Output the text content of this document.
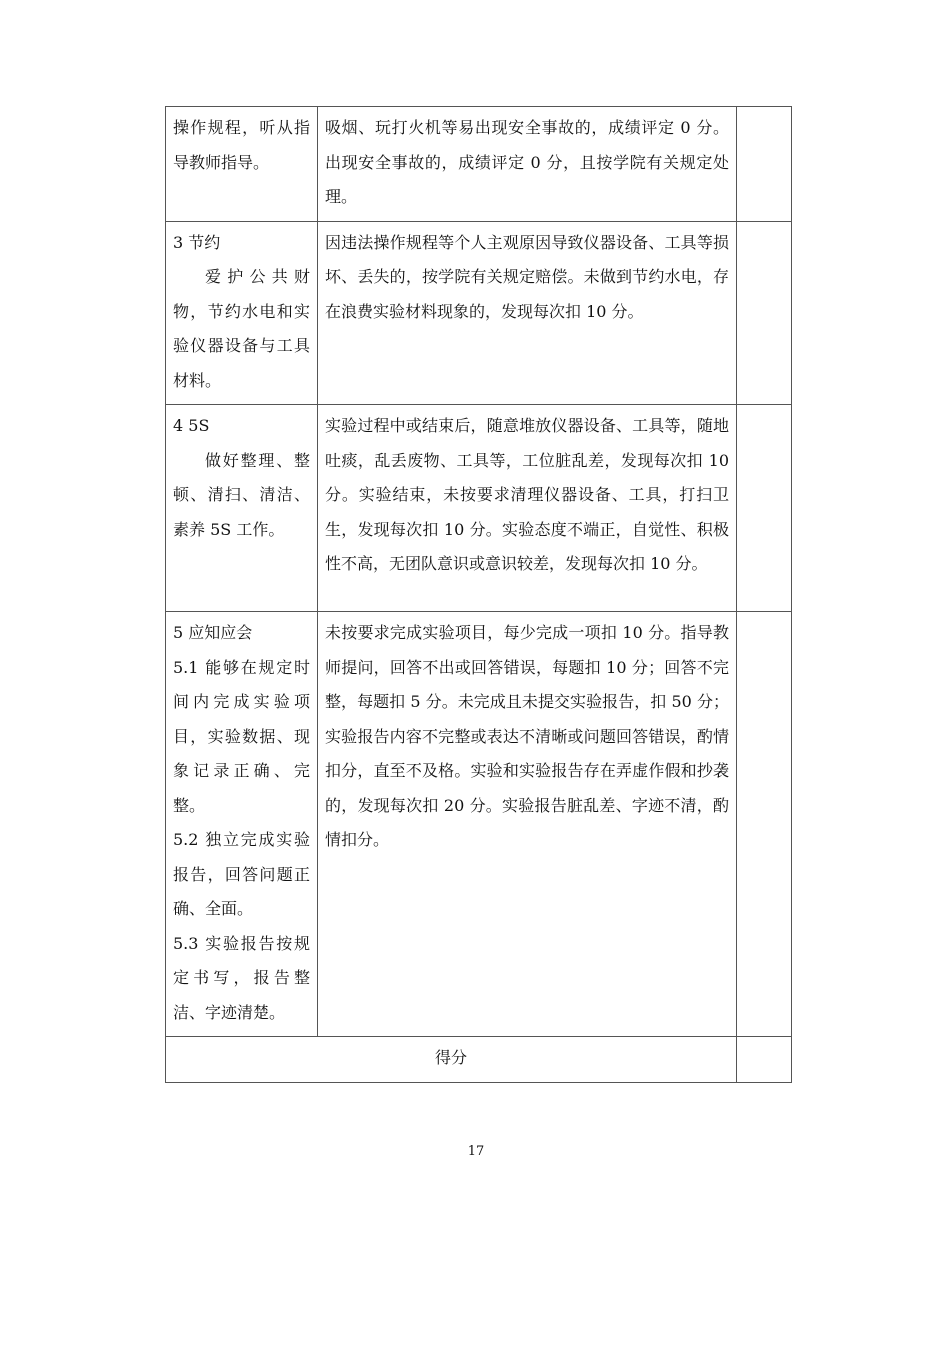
操作规程，听从指导教师指导。	吸烟、玩打火机等易出现安全事故的，成绩评定 0 分。出现安全事故的，成绩评定 0 分，且按学院有关规定处理。	

3 节约
爱护公共财物，节约水电和实验仪器设备与工具材料。	因违法操作规程等个人主观原因导致仪器设备、工具等损坏、丢失的，按学院有关规定赔偿。未做到节约水电，存在浪费实验材料现象的，发现每次扣 10 分。	

4 5S
做好整理、整顿、清扫、清洁、素养 5S 工作。	实验过程中或结束后，随意堆放仪器设备、工具等，随地吐痰，乱丢废物、工具等，工位脏乱差，发现每次扣 10 分。实验结束，未按要求清理仪器设备、工具，打扫卫生，发现每次扣 10 分。实验态度不端正，自觉性、积极性不高，无团队意识或意识较差，发现每次扣 10 分。	

5 应知应会
5.1 能够在规定时间内完成实验项目，实验数据、现象记录正确、完整。
5.2 独立完成实验报告，回答问题正确、全面。
5.3 实验报告按规定书写，报告整洁、字迹清楚。	未按要求完成实验项目，每少完成一项扣 10 分。指导教师提问，回答不出或回答错误，每题扣 10 分；回答不完整，每题扣 5 分。未完成且未提交实验报告，扣 50 分；实验报告内容不完整或表达不清晰或问题回答错误，酌情扣分，直至不及格。实验和实验报告存在弄虚作假和抄袭的，发现每次扣 20 分。实验报告脏乱差、字迹不清，酌情扣分。	

得分		
17
